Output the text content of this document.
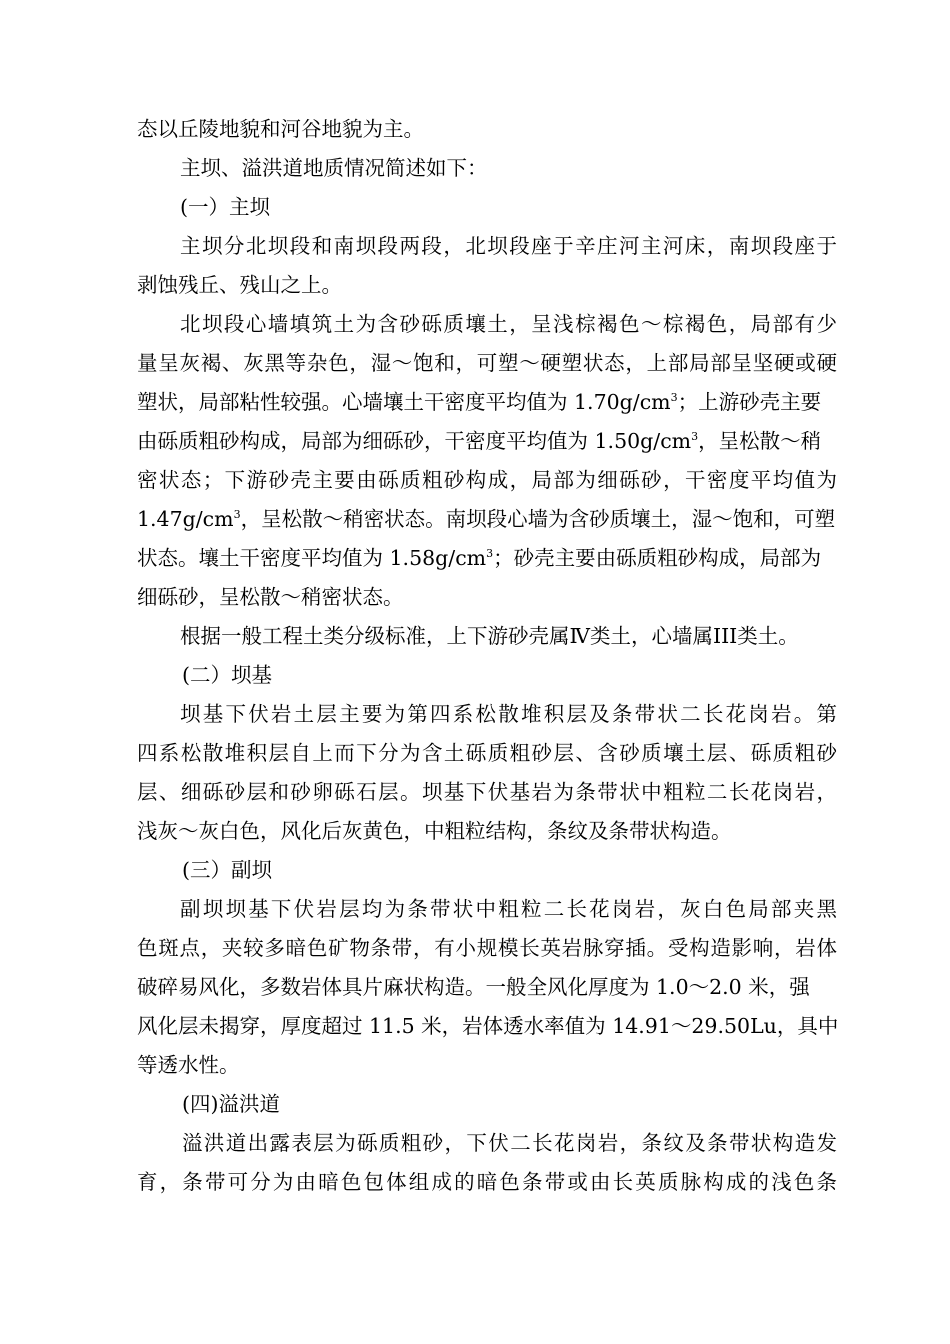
态以丘陵地貌和河谷地貌为主。
主坝、溢洪道地质情况简述如下：
(一）主坝
主坝分北坝段和南坝段两段，北坝段座于辛庄河主河床，南坝段座于
剥蚀残丘、残山之上。
北坝段心墙填筑土为含砂砾质壤土，呈浅棕褐色～棕褐色，局部有少
量呈灰褐、灰黑等杂色，湿～饱和，可塑～硬塑状态，上部局部呈坚硬或硬
塑状，局部粘性较强。心墙壤土干密度平均值为 $1.70g/cm^3$；上游砂壳主要
由砾质粗砂构成，局部为细砾砂，干密度平均值为 $1.50g/cm^3$，呈松散～稍
密状态；下游砂壳主要由砾质粗砂构成，局部为细砾砂，干密度平均值为
$1.47g/cm^3$，呈松散～稍密状态。南坝段心墙为含砂质壤土，湿～饱和，可塑
状态。壤土干密度平均值为 $1.58g/cm^3$；砂壳主要由砾质粗砂构成，局部为
细砾砂，呈松散～稍密状态。
根据一般工程土类分级标准，上下游砂壳属Ⅳ类土，心墙属III类土。
(二）坝基
坝基下伏岩土层主要为第四系松散堆积层及条带状二长花岗岩。第
四系松散堆积层自上而下分为含土砾质粗砂层、含砂质壤土层、砾质粗砂
层、细砾砂层和砂卵砾石层。坝基下伏基岩为条带状中粗粒二长花岗岩，
浅灰～灰白色，风化后灰黄色，中粗粒结构，条纹及条带状构造。
(三）副坝
副坝坝基下伏岩层均为条带状中粗粒二长花岗岩，灰白色局部夹黑
色斑点，夹较多暗色矿物条带，有小规模长英岩脉穿插。受构造影响，岩体
破碎易风化，多数岩体具片麻状构造。一般全风化厚度为 1.0～2.0 米，强
风化层未揭穿，厚度超过 11.5 米，岩体透水率值为 14.91～29.50Lu，具中
等透水性。
(四)溢洪道
溢洪道出露表层为砾质粗砂，下伏二长花岗岩，条纹及条带状构造发
育，条带可分为由暗色包体组成的暗色条带或由长英质脉构成的浅色条
